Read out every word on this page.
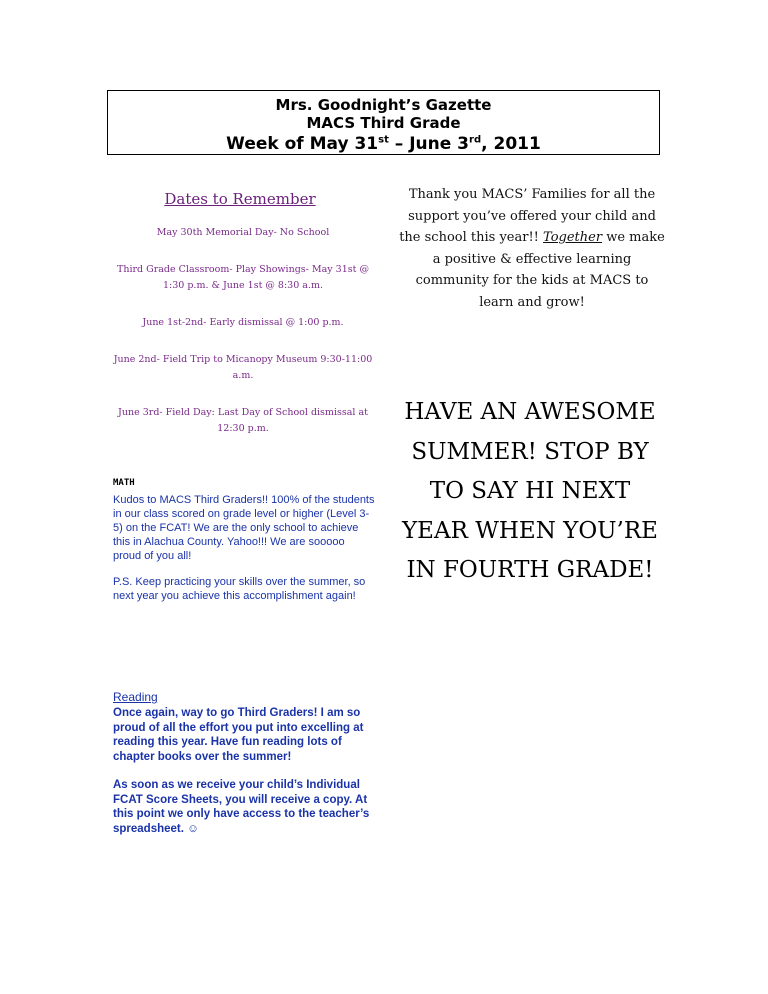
Mrs. Goodnight’s Gazette
MACS Third Grade
Week of May 31st – June 3rd, 2011
Dates to Remember

May 30th Memorial Day- No School

Third Grade Classroom- Play Showings- May 31st @ 1:30 p.m. & June 1st @ 8:30 a.m.

June 1st-2nd- Early dismissal @ 1:00 p.m.

June 2nd- Field Trip to Micanopy Museum 9:30-11:00 a.m.

June 3rd- Field Day: Last Day of School dismissal at 12:30 p.m.

MATH

Kudos to MACS Third Graders!! 100% of the students in our class scored on grade level or higher (Level 3-5) on the FCAT! We are the only school to achieve this in Alachua County. Yahoo!!! We are sooooo proud of you all!

P.S. Keep practicing your skills over the summer, so next year you achieve this accomplishment again!

Reading

Once again, way to go Third Graders! I am so proud of all the effort you put into excelling at reading this year. Have fun reading lots of chapter books over the summer!

As soon as we receive your child’s Individual FCAT Score Sheets, you will receive a copy. At this point we only have access to the teacher’s spreadsheet. ☺

Thank you MACS’ Families for all the support you’ve offered your child and the school this year!! Together we make a positive & effective learning community for the kids at MACS to learn and grow!
HAVE AN AWESOME SUMMER! STOP BY TO SAY HI NEXT YEAR WHEN YOU’RE IN FOURTH GRADE!
